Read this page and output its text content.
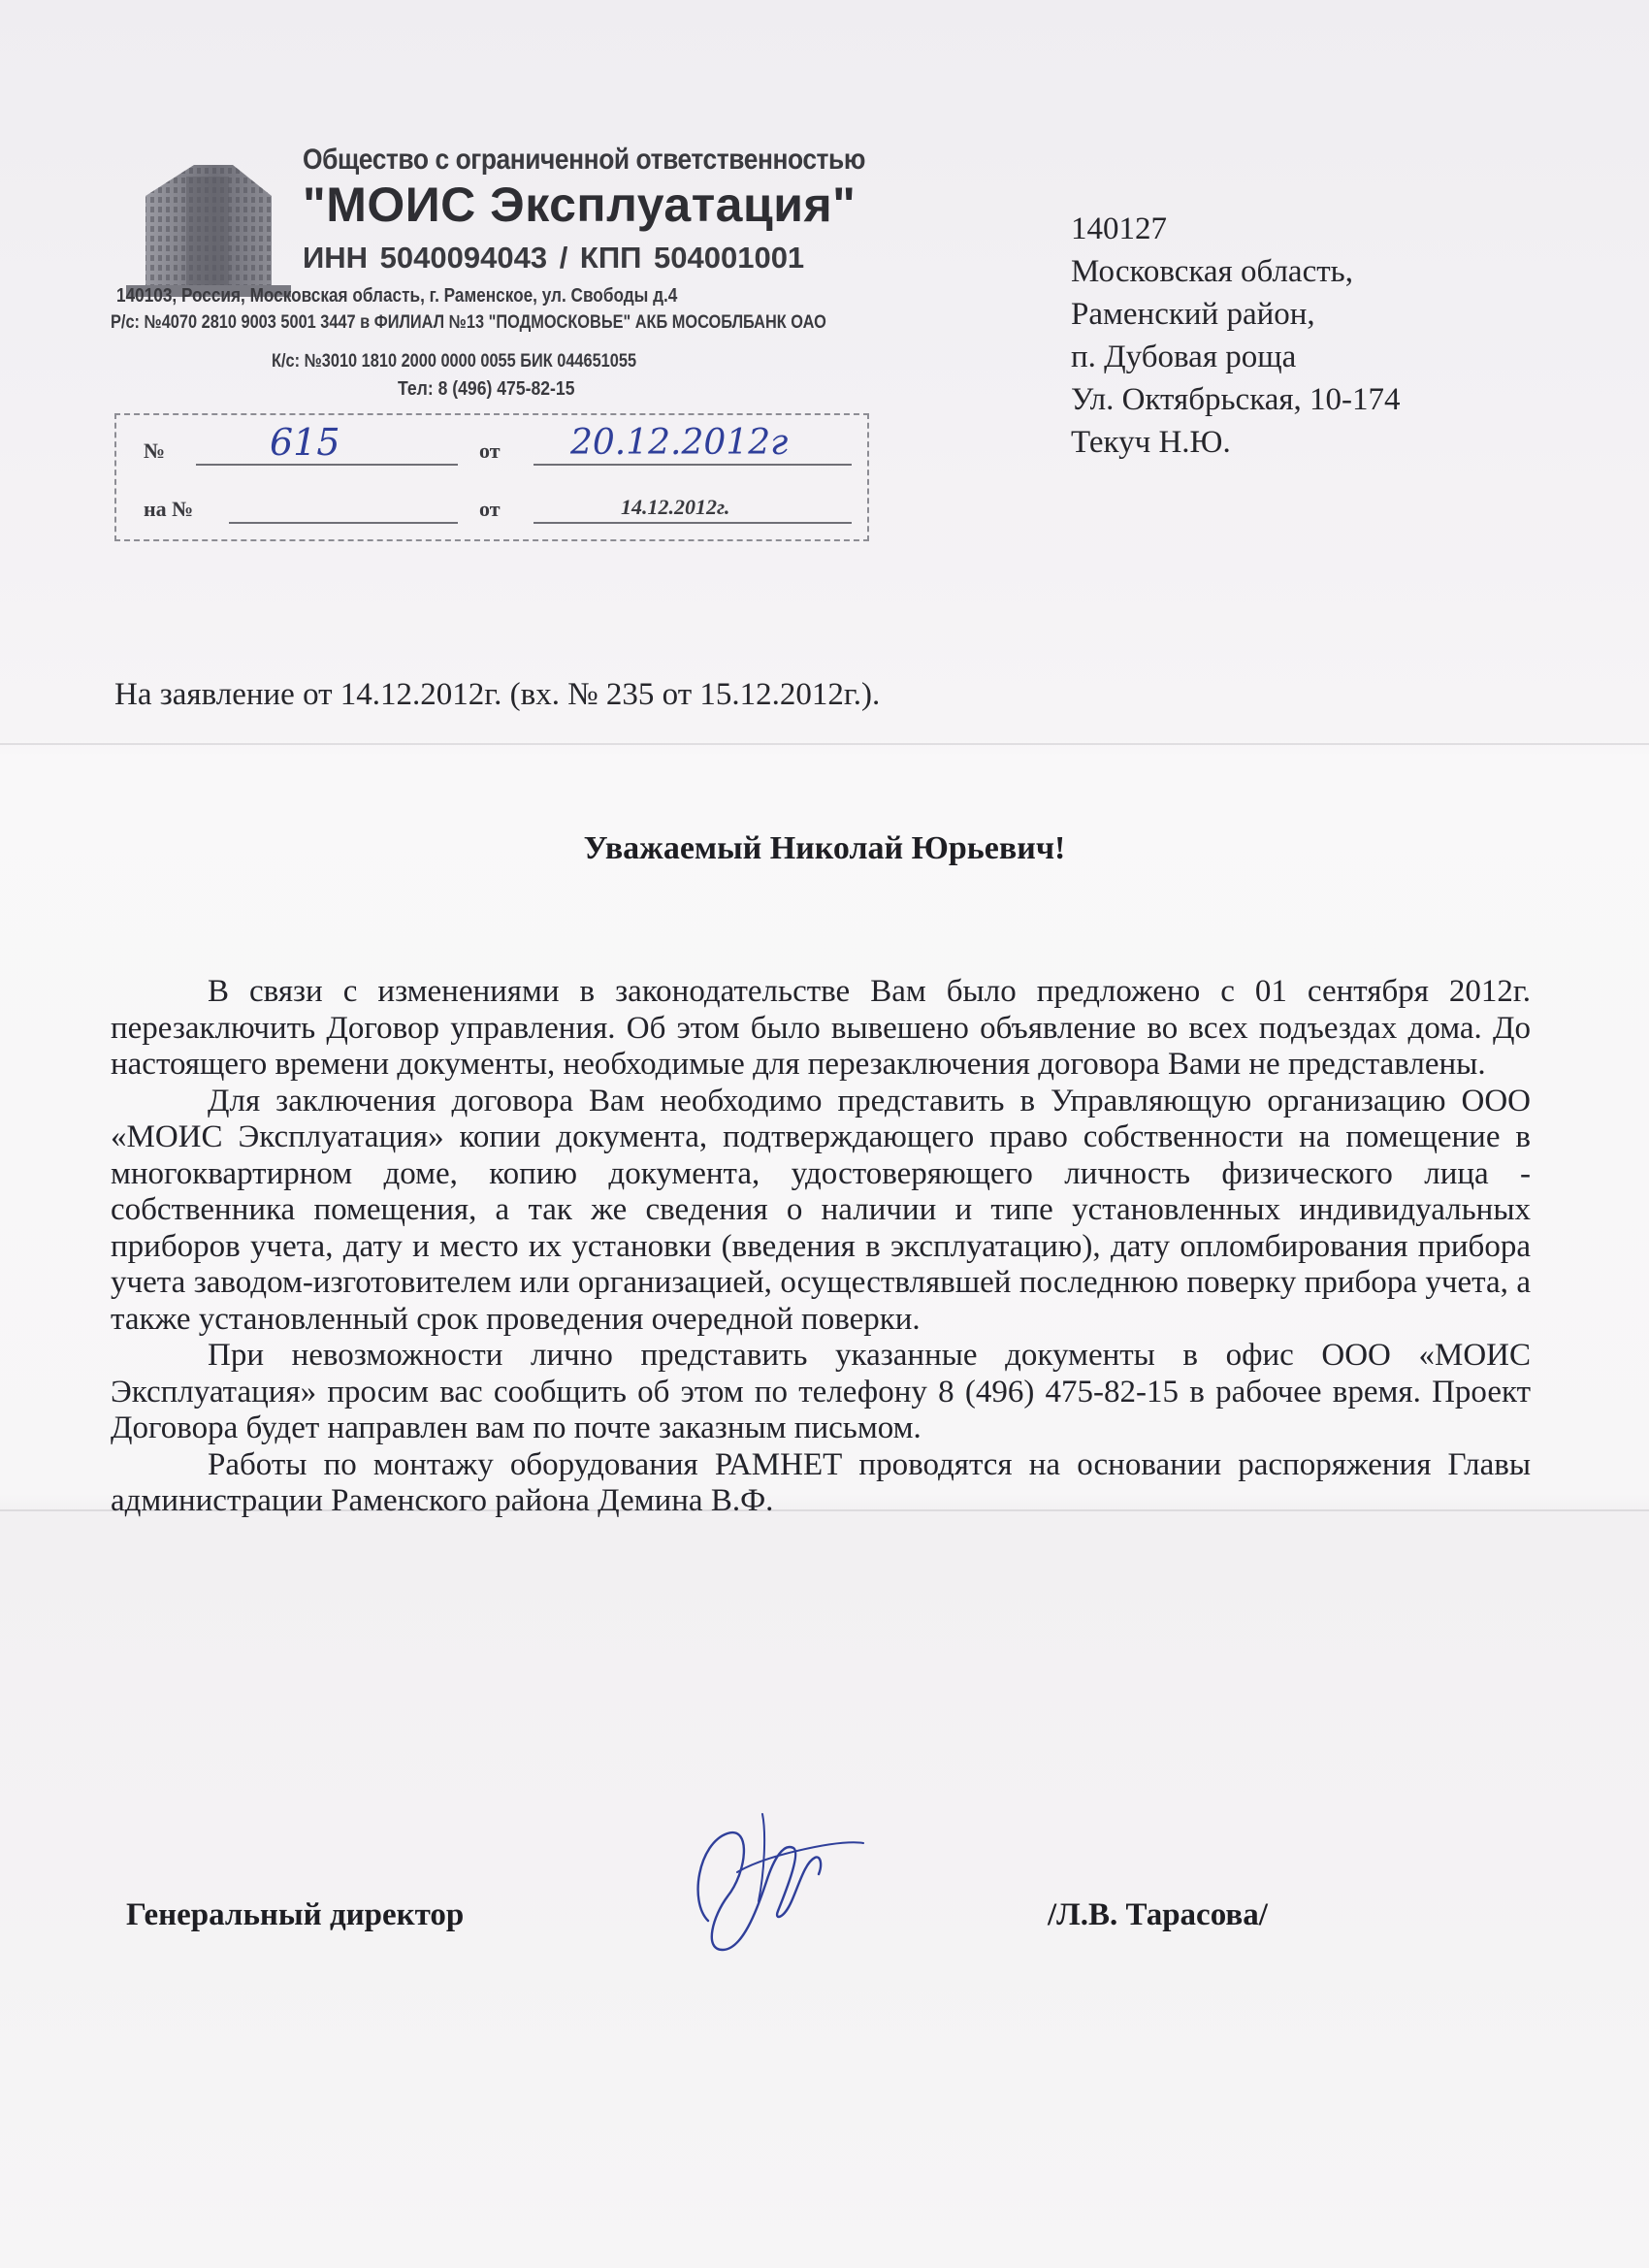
Общество с ограниченной ответственностью
"МОИС Эксплуатация"
ИНН 5040094043 / КПП 504001001
140103, Россия, Московская область, г. Раменское, ул. Свободы д.4
Р/с: №4070 2810 9003 5001 3447 в ФИЛИАЛ №13 "ПОДМОСКОВЬЕ" АКБ МОСОБЛБАНК ОАО
К/с: №3010 1810 2000 0000 0055 БИК 044651055
Тел: 8 (496) 475-82-15
№	615	от 20.12.2012г
на №	от	14.12.2012г.
140127
Московская область,
Раменский район,
п. Дубовая роща
Ул. Октябрьская, 10-174
Текуч Н.Ю.
На заявление от 14.12.2012г. (вх. № 235 от 15.12.2012г.).
Уважаемый Николай Юрьевич!

В связи с изменениями в законодательстве Вам было предложено с 01 сентября 2012г. перезаключить Договор управления. Об этом было вывешено объявление во всех подъездах дома. До настоящего времени документы, необходимые для перезаключения договора Вами не представлены.

Для заключения договора Вам необходимо представить в Управляющую организацию ООО «МОИС Эксплуатация» копии документа, подтверждающего право собственности на помещение в многоквартирном доме, копию документа, удостоверяющего личность физического лица - собственника помещения, а так же сведения о наличии и типе установленных индивидуальных приборов учета, дату и место их установки (введения в эксплуатацию), дату опломбирования прибора учета заводом-изготовителем или организацией, осуществлявшей последнюю поверку прибора учета, а также установленный срок проведения очередной поверки.

При невозможности лично представить указанные документы в офис ООО «МОИС Эксплуатация» просим вас сообщить об этом по телефону 8 (496) 475-82-15 в рабочее время. Проект Договора будет направлен вам по почте заказным письмом.

Работы по монтажу оборудования РАМНЕТ проводятся на основании распоряжения Главы администрации Раменского района Демина В.Ф.

Генеральный директор	/Л.В. Тарасова/
